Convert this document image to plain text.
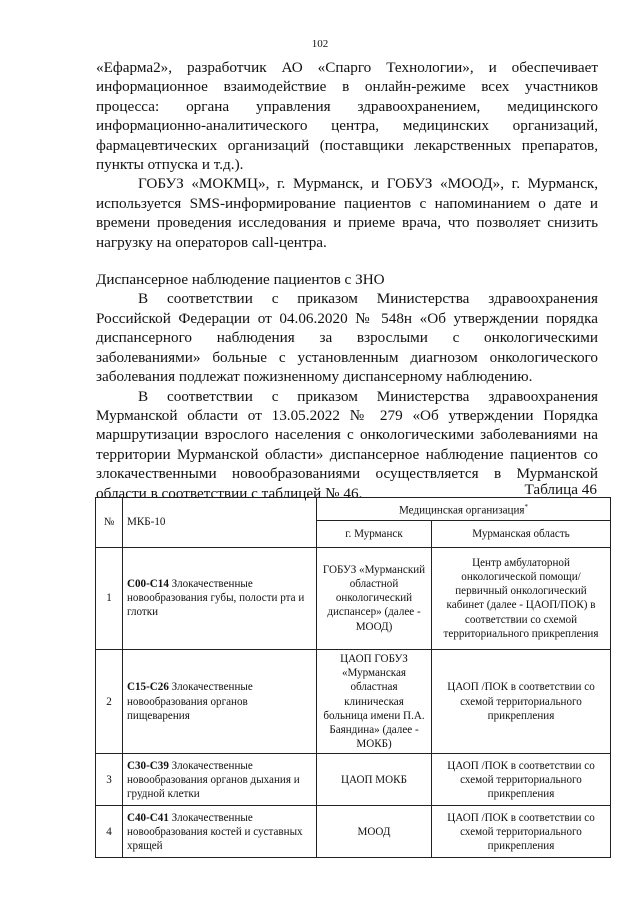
102

«Ефарма2», разработчик АО «Спарго Технологии», и обеспечивает информационное взаимодействие в онлайн-режиме всех участников процесса: органа управления здравоохранением, медицинского информационно-аналитического центра, медицинских организаций, фармацевтических организаций (поставщики лекарственных препаратов, пункты отпуска и т.д.).

ГОБУЗ «МОКМЦ», г. Мурманск, и ГОБУЗ «МООД», г. Мурманск, используется SMS-информирование пациентов с напоминанием о дате и времени проведения исследования и приеме врача, что позволяет снизить нагрузку на операторов call-центра.

Диспансерное наблюдение пациентов с ЗНО

В соответствии с приказом Министерства здравоохранения Российской Федерации от 04.06.2020 № 548н «Об утверждении порядка диспансерного наблюдения за взрослыми с онкологическими заболеваниями» больные с установленным диагнозом онкологического заболевания подлежат пожизненному диспансерному наблюдению.

В соответствии с приказом Министерства здравоохранения Мурманской области от 13.05.2022 № 279 «Об утверждении Порядка маршрутизации взрослого населения с онкологическими заболеваниями на территории Мурманской области» диспансерное наблюдение пациентов со злокачественными новообразованиями осуществляется в Мурманской области в соответствии с таблицей № 46.	Таблица 46
№	МКБ-10	Медицинская организация*
		г. Мурманск	Мурманская область
1	С00-С14 Злокачественные новообразования губы, полости рта и глотки	ГОБУЗ «Мурманский областной онкологический диспансер» (далее - МООД)	Центр амбулаторной онкологической помощи/ первичный онкологический кабинет (далее - ЦАОП/ПОК) в соответствии со схемой территориального прикрепления
2	С15-С26 Злокачественные новообразования органов пищеварения	ЦАОП ГОБУЗ «Мурманская областная клиническая больница имени П.А. Баяндина» (далее - МОКБ)	ЦАОП /ПОК в соответствии со схемой территориального прикрепления
3	С30-С39 Злокачественные новообразования органов дыхания и грудной клетки	ЦАОП МОКБ	ЦАОП /ПОК в соответствии со схемой территориального прикрепления
4	С40-С41 Злокачественные новообразования костей и суставных хрящей	МООД	ЦАОП /ПОК в соответствии со схемой территориального прикрепления
